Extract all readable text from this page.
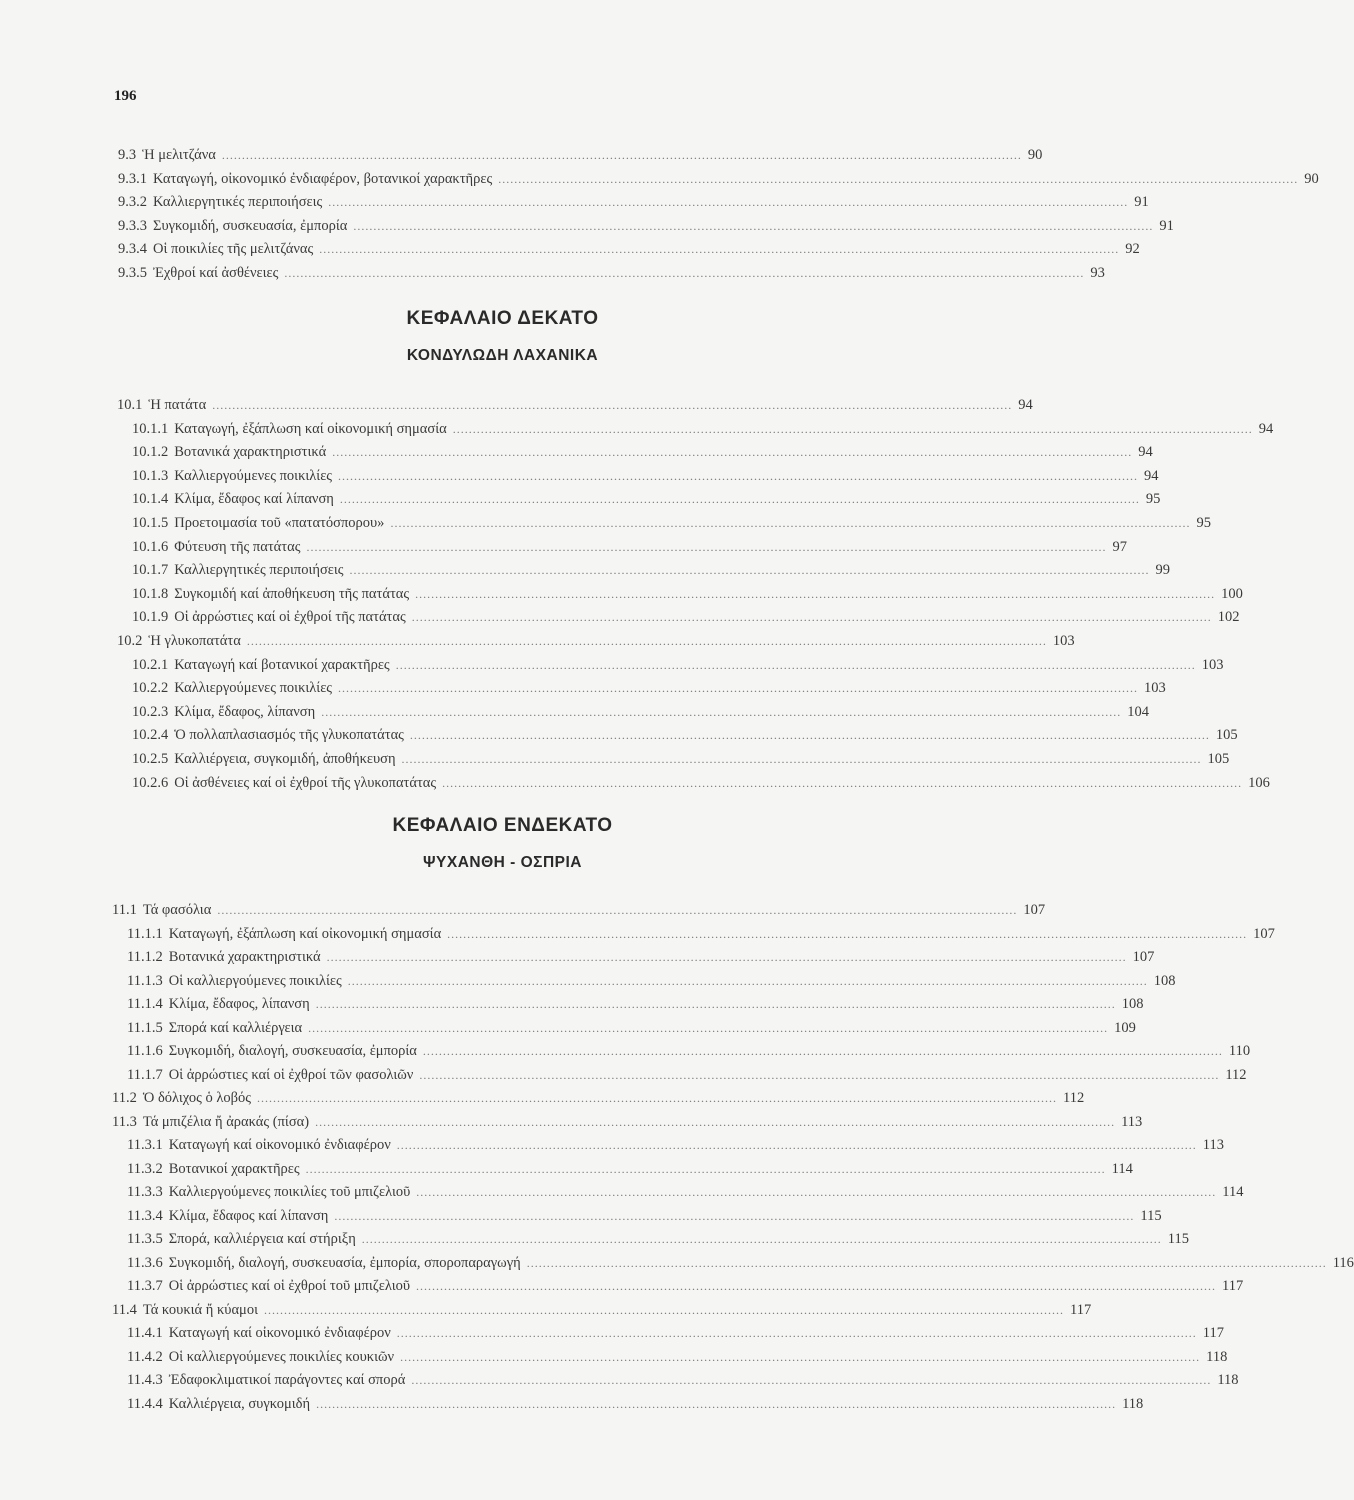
196
9.3 Ἡ μελιτζάνα ........................................................................................................................................................................................................ 90
9.3.1 Καταγωγή, οἰκονομικό ἐνδιαφέρον, βοτανικοί χαρακτῆρες ........................................................................................................................................................................................................ 90
9.3.2 Καλλιεργητικές περιποιήσεις ........................................................................................................................................................................................................ 91
9.3.3 Συγκομιδή, συσκευασία, ἐμπορία ........................................................................................................................................................................................................ 91
9.3.4 Οἱ ποικιλίες τῆς μελιτζάνας ........................................................................................................................................................................................................ 92
9.3.5 Ἐχθροί καί ἀσθένειες ........................................................................................................................................................................................................ 93
ΚΕΦΑΛΑΙΟ ΔΕΚΑΤΟ
ΚΟΝΔΥΛΩΔΗ ΛΑΧΑΝΙΚΑ
10.1 Ἡ πατάτα ........................................................................................................................................................................................................ 94
10.1.1 Καταγωγή, ἐξάπλωση καί οἰκονομική σημασία ........................................................................................................................................................................................................ 94
10.1.2 Βοτανικά χαρακτηριστικά ........................................................................................................................................................................................................ 94
10.1.3 Καλλιεργούμενες ποικιλίες ........................................................................................................................................................................................................ 94
10.1.4 Κλίμα, ἔδαφος καί λίπανση ........................................................................................................................................................................................................ 95
10.1.5 Προετοιμασία τοῦ «πατατόσπορου» ........................................................................................................................................................................................................ 95
10.1.6 Φύτευση τῆς πατάτας ........................................................................................................................................................................................................ 97
10.1.7 Καλλιεργητικές περιποιήσεις ........................................................................................................................................................................................................ 99
10.1.8 Συγκομιδή καί ἀποθήκευση τῆς πατάτας ........................................................................................................................................................................................................ 100
10.1.9 Οἱ ἀρρώστιες καί οἱ ἐχθροί τῆς πατάτας ........................................................................................................................................................................................................ 102
10.2 Ἡ γλυκοπατάτα ........................................................................................................................................................................................................ 103
10.2.1 Καταγωγή καί βοτανικοί χαρακτῆρες ........................................................................................................................................................................................................ 103
10.2.2 Καλλιεργούμενες ποικιλίες ........................................................................................................................................................................................................ 103
10.2.3 Κλίμα, ἔδαφος, λίπανση ........................................................................................................................................................................................................ 104
10.2.4 Ὁ πολλαπλασιασμός τῆς γλυκοπατάτας ........................................................................................................................................................................................................ 105
10.2.5 Καλλιέργεια, συγκομιδή, ἀποθήκευση ........................................................................................................................................................................................................ 105
10.2.6 Οἱ ἀσθένειες καί οἱ ἐχθροί τῆς γλυκοπατάτας ........................................................................................................................................................................................................ 106
ΚΕΦΑΛΑΙΟ ΕΝΔΕΚΑΤΟ
ΨΥΧΑΝΘΗ - ΟΣΠΡΙΑ
11.1 Τά φασόλια ........................................................................................................................................................................................................ 107
11.1.1 Καταγωγή, ἐξάπλωση καί οἰκονομική σημασία ........................................................................................................................................................................................................ 107
11.1.2 Βοτανικά χαρακτηριστικά ........................................................................................................................................................................................................ 107
11.1.3 Οἱ καλλιεργούμενες ποικιλίες ........................................................................................................................................................................................................ 108
11.1.4 Κλίμα, ἔδαφος, λίπανση ........................................................................................................................................................................................................ 108
11.1.5 Σπορά καί καλλιέργεια ........................................................................................................................................................................................................ 109
11.1.6 Συγκομιδή, διαλογή, συσκευασία, ἐμπορία ........................................................................................................................................................................................................ 110
11.1.7 Οἱ ἀρρώστιες καί οἱ ἐχθροί τῶν φασολιῶν ........................................................................................................................................................................................................ 112
11.2 Ὁ δόλιχος ὁ λοβός ........................................................................................................................................................................................................ 112
11.3 Τά μπιζέλια ἤ ἀρακάς (πίσα) ........................................................................................................................................................................................................ 113
11.3.1 Καταγωγή καί οἰκονομικό ἐνδιαφέρον ........................................................................................................................................................................................................ 113
11.3.2 Βοτανικοί χαρακτῆρες ........................................................................................................................................................................................................ 114
11.3.3 Καλλιεργούμενες ποικιλίες τοῦ μπιζελιοῦ ........................................................................................................................................................................................................ 114
11.3.4 Κλίμα, ἔδαφος καί λίπανση ........................................................................................................................................................................................................ 115
11.3.5 Σπορά, καλλιέργεια καί στήριξη ........................................................................................................................................................................................................ 115
11.3.6 Συγκομιδή, διαλογή, συσκευασία, ἐμπορία, σποροπαραγωγή ........................................................................................................................................................................................................ 116
11.3.7 Οἱ ἀρρώστιες καί οἱ ἐχθροί τοῦ μπιζελιοῦ ........................................................................................................................................................................................................ 117
11.4 Τά κουκιά ἤ κύαμοι ........................................................................................................................................................................................................ 117
11.4.1 Καταγωγή καί οἰκονομικό ἐνδιαφέρον ........................................................................................................................................................................................................ 117
11.4.2 Οἱ καλλιεργούμενες ποικιλίες κουκιῶν ........................................................................................................................................................................................................ 118
11.4.3 Ἐδαφοκλιματικοί παράγοντες καί σπορά ........................................................................................................................................................................................................ 118
11.4.4 Καλλιέργεια, συγκομιδή ........................................................................................................................................................................................................ 118
